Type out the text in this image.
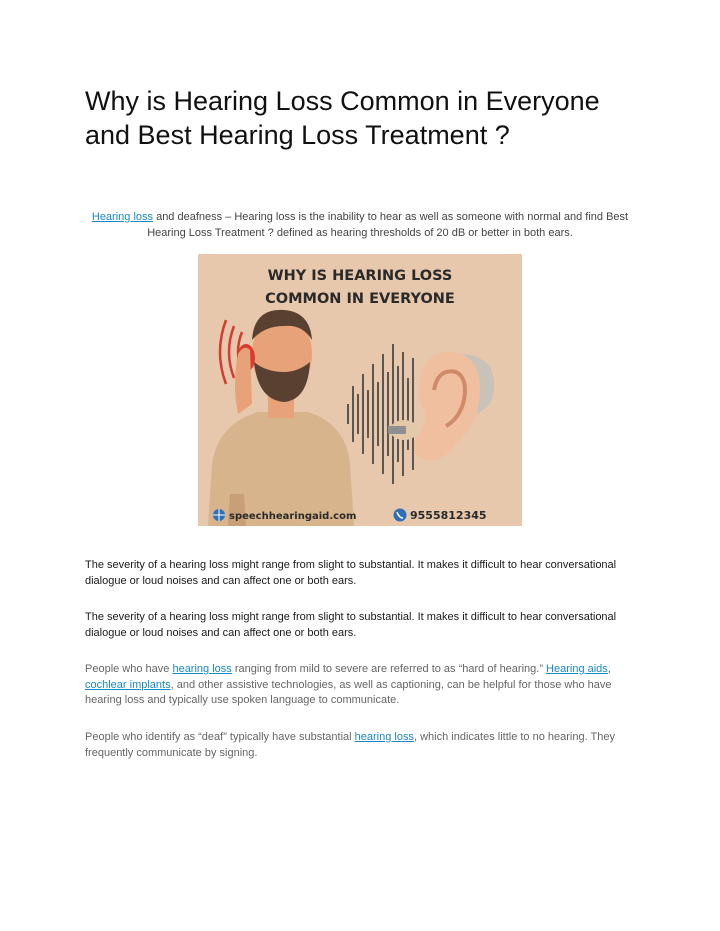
Why is Hearing Loss Common in Everyone and Best Hearing Loss Treatment ?

Hearing loss and deafness – Hearing loss is the inability to hear as well as someone with normal and find Best Hearing Loss Treatment ? defined as hearing thresholds of 20 dB or better in both ears.

WHY IS HEARING LOSS
COMMON IN EVERYONE
speechhearingaid.com	9555812345

The severity of a hearing loss might range from slight to substantial. It makes it difficult to hear conversational dialogue or loud noises and can affect one or both ears.

The severity of a hearing loss might range from slight to substantial. It makes it difficult to hear conversational dialogue or loud noises and can affect one or both ears.

People who have hearing loss ranging from mild to severe are referred to as “hard of hearing.” Hearing aids, cochlear implants, and other assistive technologies, as well as captioning, can be helpful for those who have hearing loss and typically use spoken language to communicate.

People who identify as “deaf” typically have substantial hearing loss, which indicates little to no hearing. They frequently communicate by signing.
